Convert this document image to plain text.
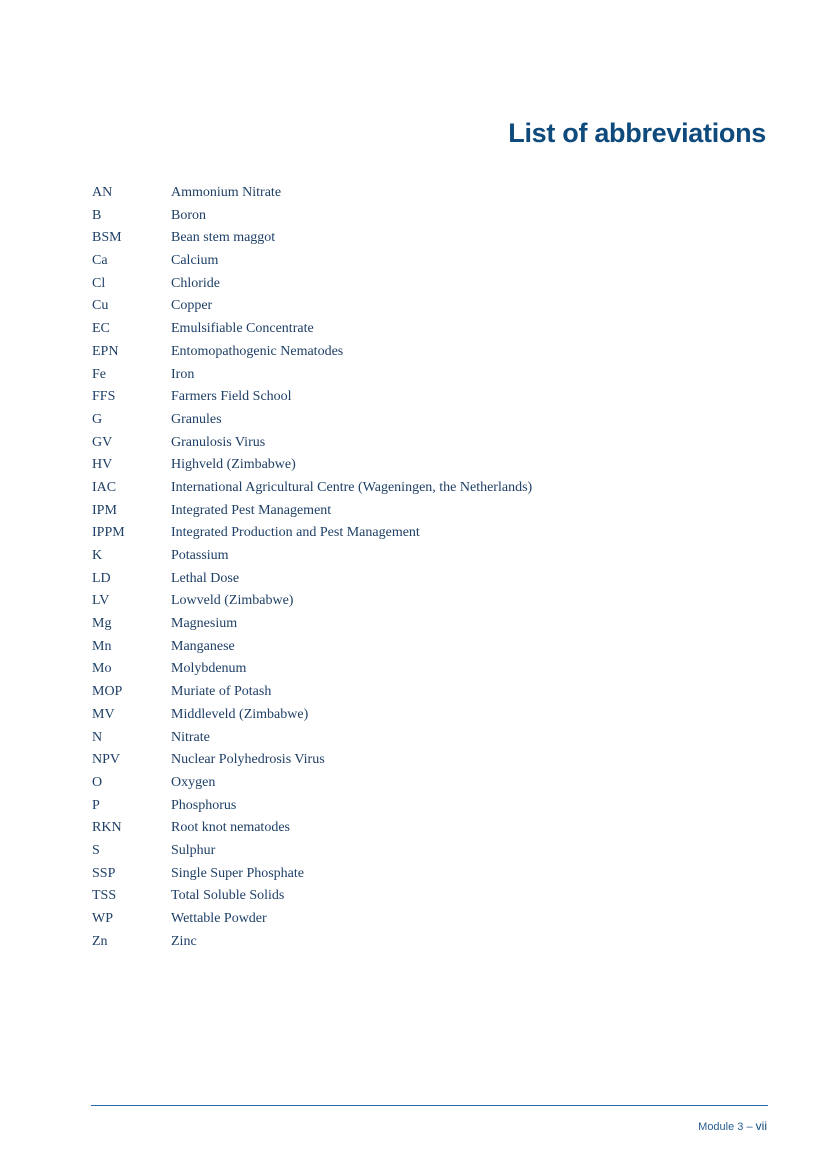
List of abbreviations
AN	Ammonium Nitrate
B	Boron
BSM	Bean stem maggot
Ca	Calcium
Cl	Chloride
Cu	Copper
EC	Emulsifiable Concentrate
EPN	Entomopathogenic Nematodes
Fe	Iron
FFS	Farmers Field School
G	Granules
GV	Granulosis Virus
HV	Highveld (Zimbabwe)
IAC	International Agricultural Centre (Wageningen, the Netherlands)
IPM	Integrated Pest Management
IPPM	Integrated Production and Pest Management
K	Potassium
LD	Lethal Dose
LV	Lowveld (Zimbabwe)
Mg	Magnesium
Mn	Manganese
Mo	Molybdenum
MOP	Muriate of Potash
MV	Middleveld (Zimbabwe)
N	Nitrate
NPV	Nuclear Polyhedrosis Virus
O	Oxygen
P	Phosphorus
RKN	Root knot nematodes
S	Sulphur
SSP	Single Super Phosphate
TSS	Total Soluble Solids
WP	Wettable Powder
Zn	Zinc
Module 3 – vii
